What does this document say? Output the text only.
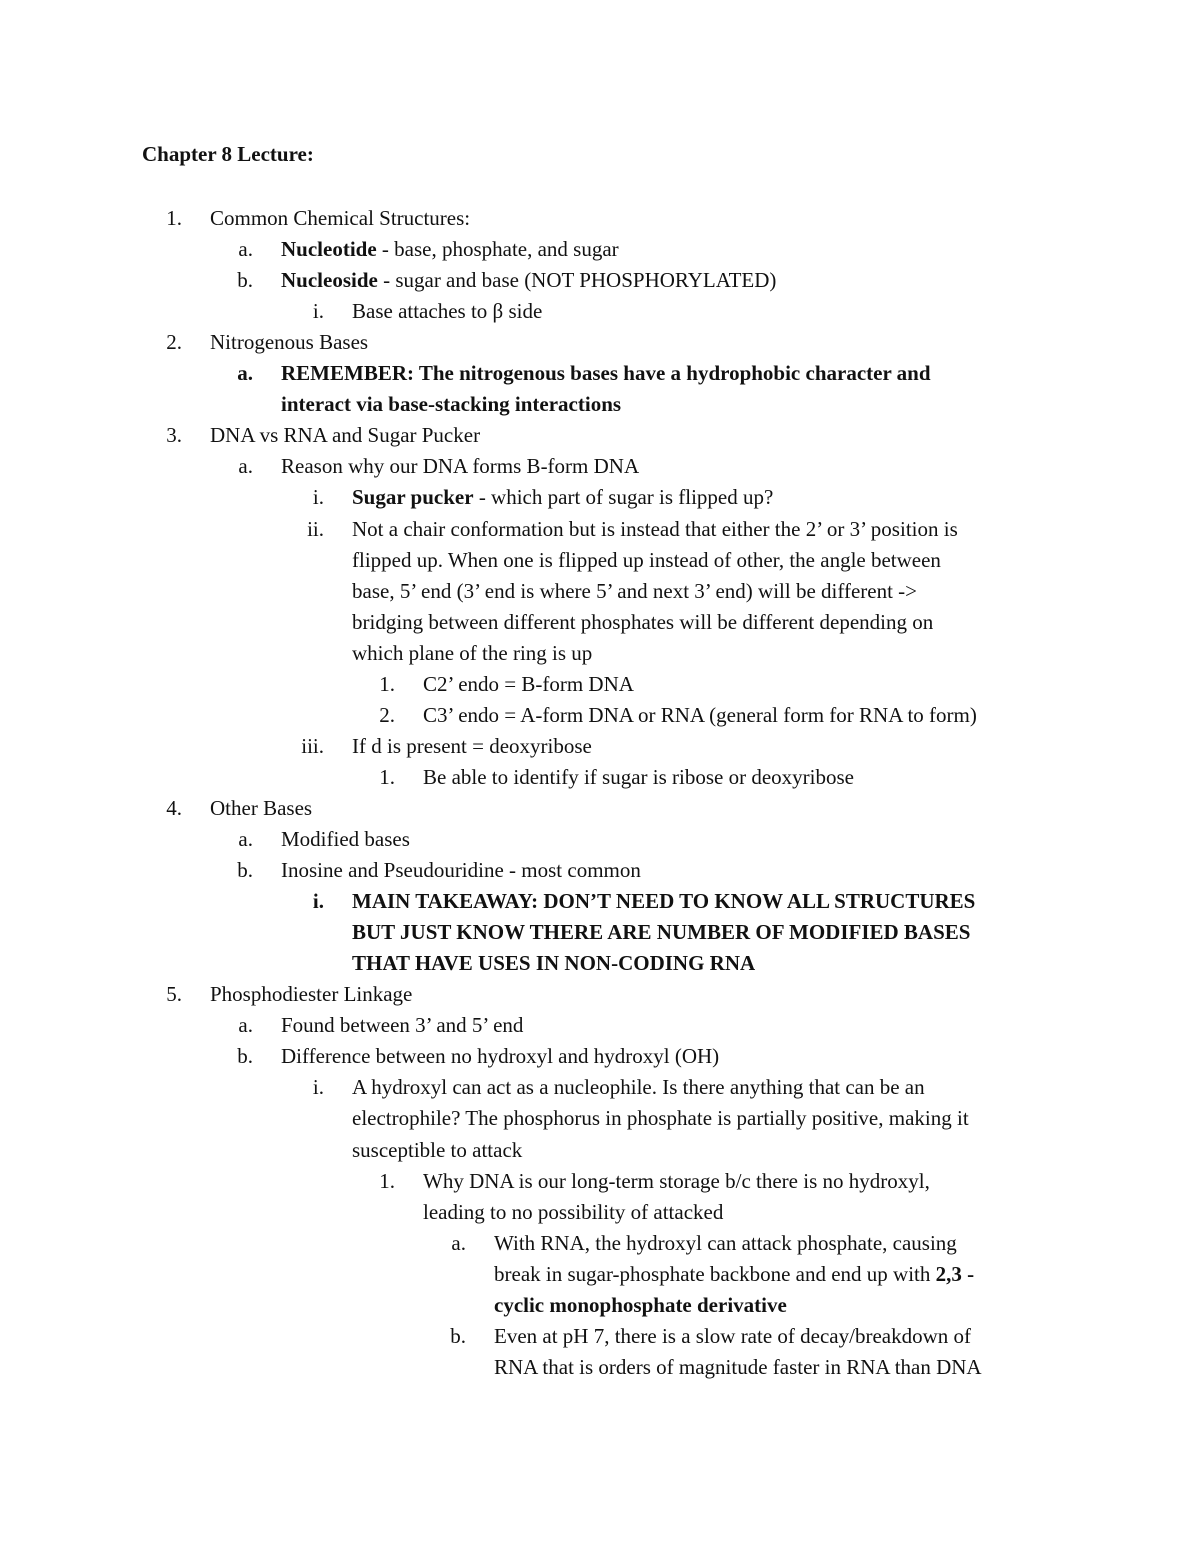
Chapter 8 Lecture:
1. Common Chemical Structures:
a. Nucleotide - base, phosphate, and sugar
b. Nucleoside - sugar and base (NOT PHOSPHORYLATED)
i. Base attaches to β side
2. Nitrogenous Bases
a. REMEMBER: The nitrogenous bases have a hydrophobic character and
interact via base-stacking interactions
3. DNA vs RNA and Sugar Pucker
a. Reason why our DNA forms B-form DNA
i. Sugar pucker - which part of sugar is flipped up?
ii. Not a chair conformation but is instead that either the 2’ or 3’ position is
flipped up. When one is flipped up instead of other, the angle between
base, 5’ end (3’ end is where 5’ and next 3’ end) will be different ->
bridging between different phosphates will be different depending on
which plane of the ring is up
1. C2’ endo = B-form DNA
2. C3’ endo = A-form DNA or RNA (general form for RNA to form)
iii. If d is present = deoxyribose
1. Be able to identify if sugar is ribose or deoxyribose
4. Other Bases
a. Modified bases
b. Inosine and Pseudouridine - most common
i. MAIN TAKEAWAY: DON’T NEED TO KNOW ALL STRUCTURES
BUT JUST KNOW THERE ARE NUMBER OF MODIFIED BASES
THAT HAVE USES IN NON-CODING RNA
5. Phosphodiester Linkage
a. Found between 3’ and 5’ end
b. Difference between no hydroxyl and hydroxyl (OH)
i. A hydroxyl can act as a nucleophile. Is there anything that can be an
electrophile? The phosphorus in phosphate is partially positive, making it
susceptible to attack
1. Why DNA is our long-term storage b/c there is no hydroxyl,
leading to no possibility of attacked
a. With RNA, the hydroxyl can attack phosphate, causing
break in sugar-phosphate backbone and end up with 2,3 -
cyclic monophosphate derivative
b. Even at pH 7, there is a slow rate of decay/breakdown of
RNA that is orders of magnitude faster in RNA than DNA
